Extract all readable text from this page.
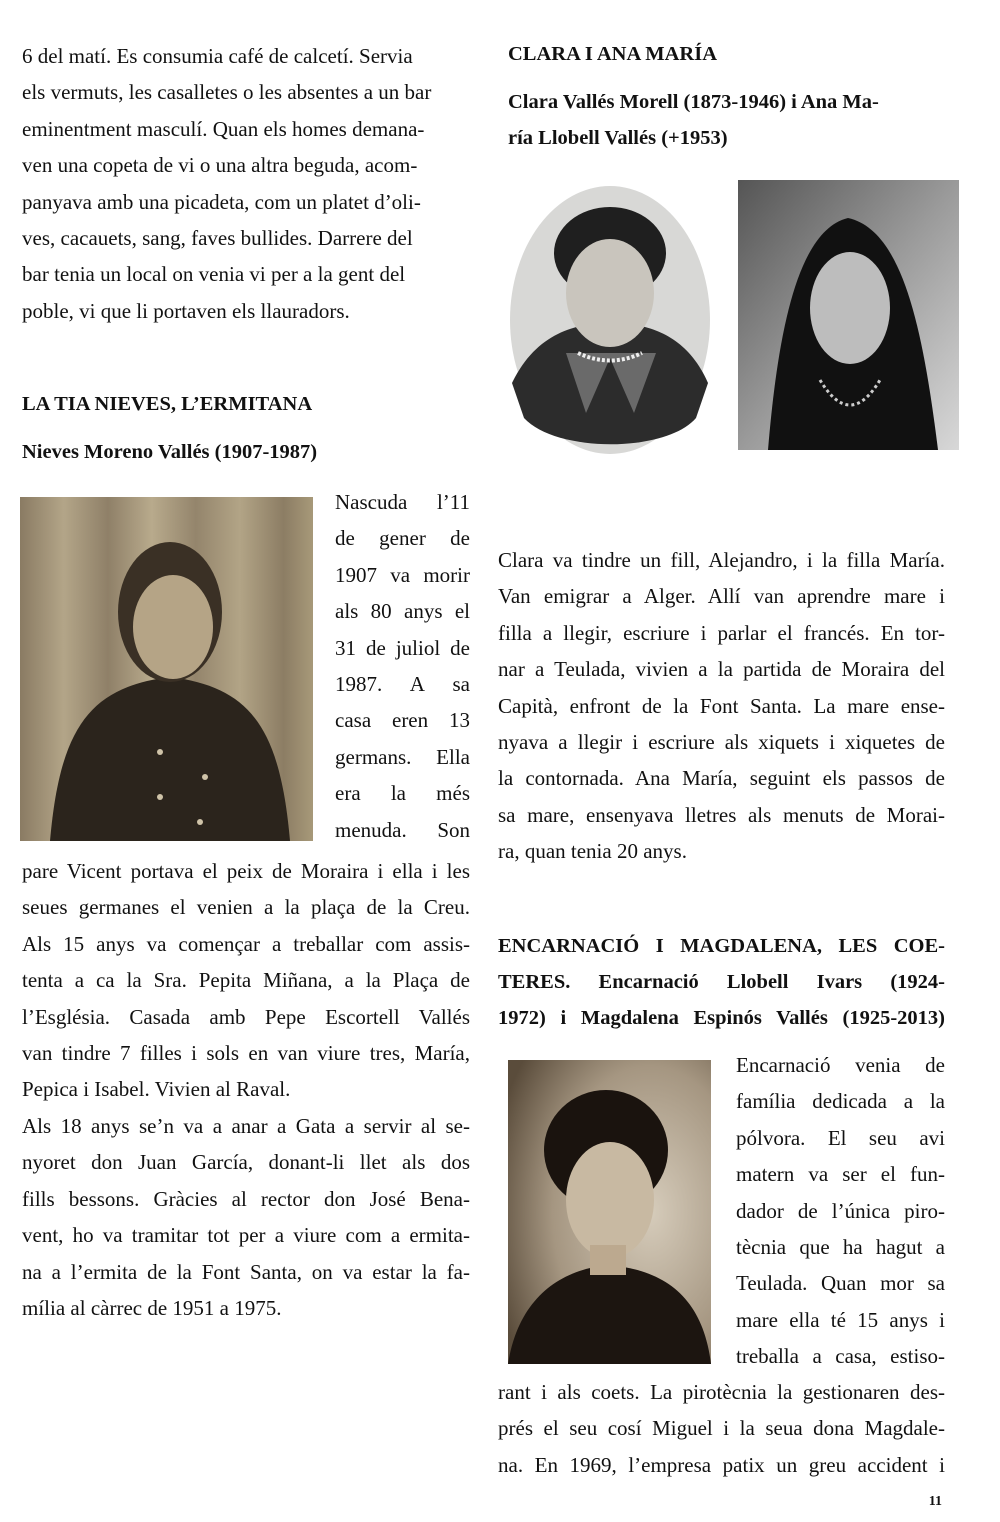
6 del matí. Es consumia café de calcetí. Servia

els vermuts, les casalletes o les absentes a un bar

eminentment masculí. Quan els homes demana-

ven una copeta de vi o una altra beguda, acom-

panyava amb una picadeta, com un platet d’oli-

ves, cacauets, sang, faves bullides. Darrere del

bar tenia un local on venia vi per a la gent del

poble, vi que li portaven els llauradors.

LA TIA NIEVES, L’ERMITANA
Nieves Moreno Vallés (1907-1987)

Nascuda l’11

de gener de

1907 va morir

als 80 anys el

31 de juliol de

1987. A sa

casa eren 13

germans. Ella

era la més

menuda. Son

pare Vicent portava el peix de Moraira i ella i les

seues germanes el venien a la plaça de la Creu.

Als 15 anys va començar a treballar com assis-

tenta a ca la Sra. Pepita Miñana, a la Plaça de

l’Església. Casada amb Pepe Escortell Vallés

van tindre 7 filles i sols en van viure tres, María,

Pepica i Isabel. Vivien al Raval.

Als 18 anys se’n va a anar a Gata a servir al se-

nyoret don Juan García, donant-li llet als dos

fills bessons. Gràcies al rector don José Bena-

vent, ho va tramitar tot per a viure com a ermita-

na a l’ermita de la Font Santa, on va estar la fa-

mília al càrrec de 1951 a 1975.

CLARA I ANA MARÍA
Clara Vallés Morell (1873-1946) i Ana Ma-
ría Llobell Vallés (+1953)

Clara va tindre un fill, Alejandro, i la filla María.

Van emigrar a Alger. Allí van aprendre mare i

filla a llegir, escriure i parlar el francés. En tor-

nar a Teulada, vivien a la partida de Moraira del

Capità, enfront de la Font Santa. La mare ense-

nyava a llegir i escriure als xiquets i xiquetes de

la contornada. Ana María, seguint els passos de

sa mare, ensenyava lletres als menuts de Morai-

ra, quan tenia 20 anys.

ENCARNACIÓ I MAGDALENA, LES COE-
TERES. Encarnació Llobell Ivars (1924-
1972) i Magdalena Espinós Vallés (1925-2013)

Encarnació venia de

família dedicada a la

pólvora. El seu avi

matern va ser el fun-

dador de l’única piro-

tècnia que ha hagut a

Teulada. Quan mor sa

mare ella té 15 anys i

treballa a casa, estiso-

rant i als coets. La pirotècnia la gestionaren des-

prés el seu cosí Miguel i la seua dona Magdale-

na. En 1969, l’empresa patix un greu accident i

11
